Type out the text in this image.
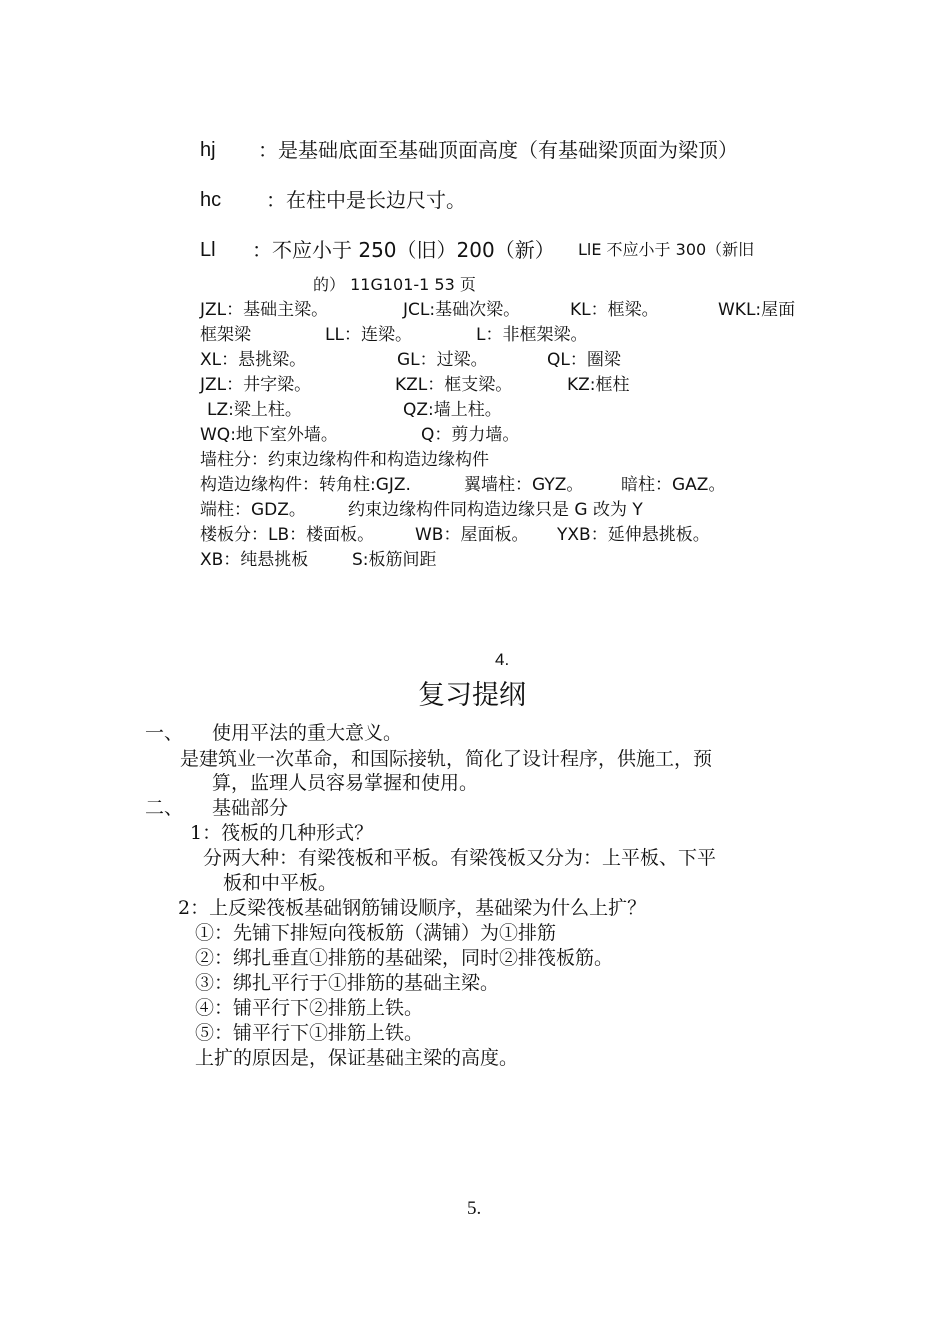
hj ：是基础底面至基础顶面高度（有基础梁顶面为梁顶）
hc ：在柱中是长边尺寸。
Ll ：不应小于 250（旧）200（新） LlE 不应小于 300（新旧
的） 11G101-1 53 页
JZL：基础主梁。	JCL:基础次梁。	KL：框梁。	WKL:屋面
框架梁	LL：连梁。	L：非框架梁。
XL：悬挑梁。	GL：过梁。	QL：圈梁
JZL：井字梁。	KZL：框支梁。	KZ:框柱
LZ:梁上柱。	QZ:墙上柱。
WQ:地下室外墙。	Q：剪力墙。
墙柱分：约束边缘构件和构造边缘构件
构造边缘构件：转角柱:GJZ.	翼墙柱：GYZ。 暗柱：GAZ。
端柱：GDZ。 约束边缘构件同构造边缘只是 G 改为 Y
楼板分：LB：楼面板。 WB：屋面板。 YXB：延伸悬挑板。
XB：纯悬挑板	S:板筋间距
4.
复习提纲
一、 使用平法的重大意义。
是建筑业一次革命，和国际接轨，简化了设计程序，供施工，预
算，监理人员容易掌握和使用。
二、 基础部分
1：筏板的几种形式？
分两大种：有梁筏板和平板。有梁筏板又分为：上平板、下平
板和中平板。
2：上反梁筏板基础钢筋铺设顺序，基础梁为什么上扩？
①：先铺下排短向筏板筋（满铺）为①排筋
②：绑扎垂直①排筋的基础梁，同时②排筏板筋。
③：绑扎平行于①排筋的基础主梁。
④：铺平行下②排筋上铁。
⑤：铺平行下①排筋上铁。
上扩的原因是，保证基础主梁的高度。
5.
